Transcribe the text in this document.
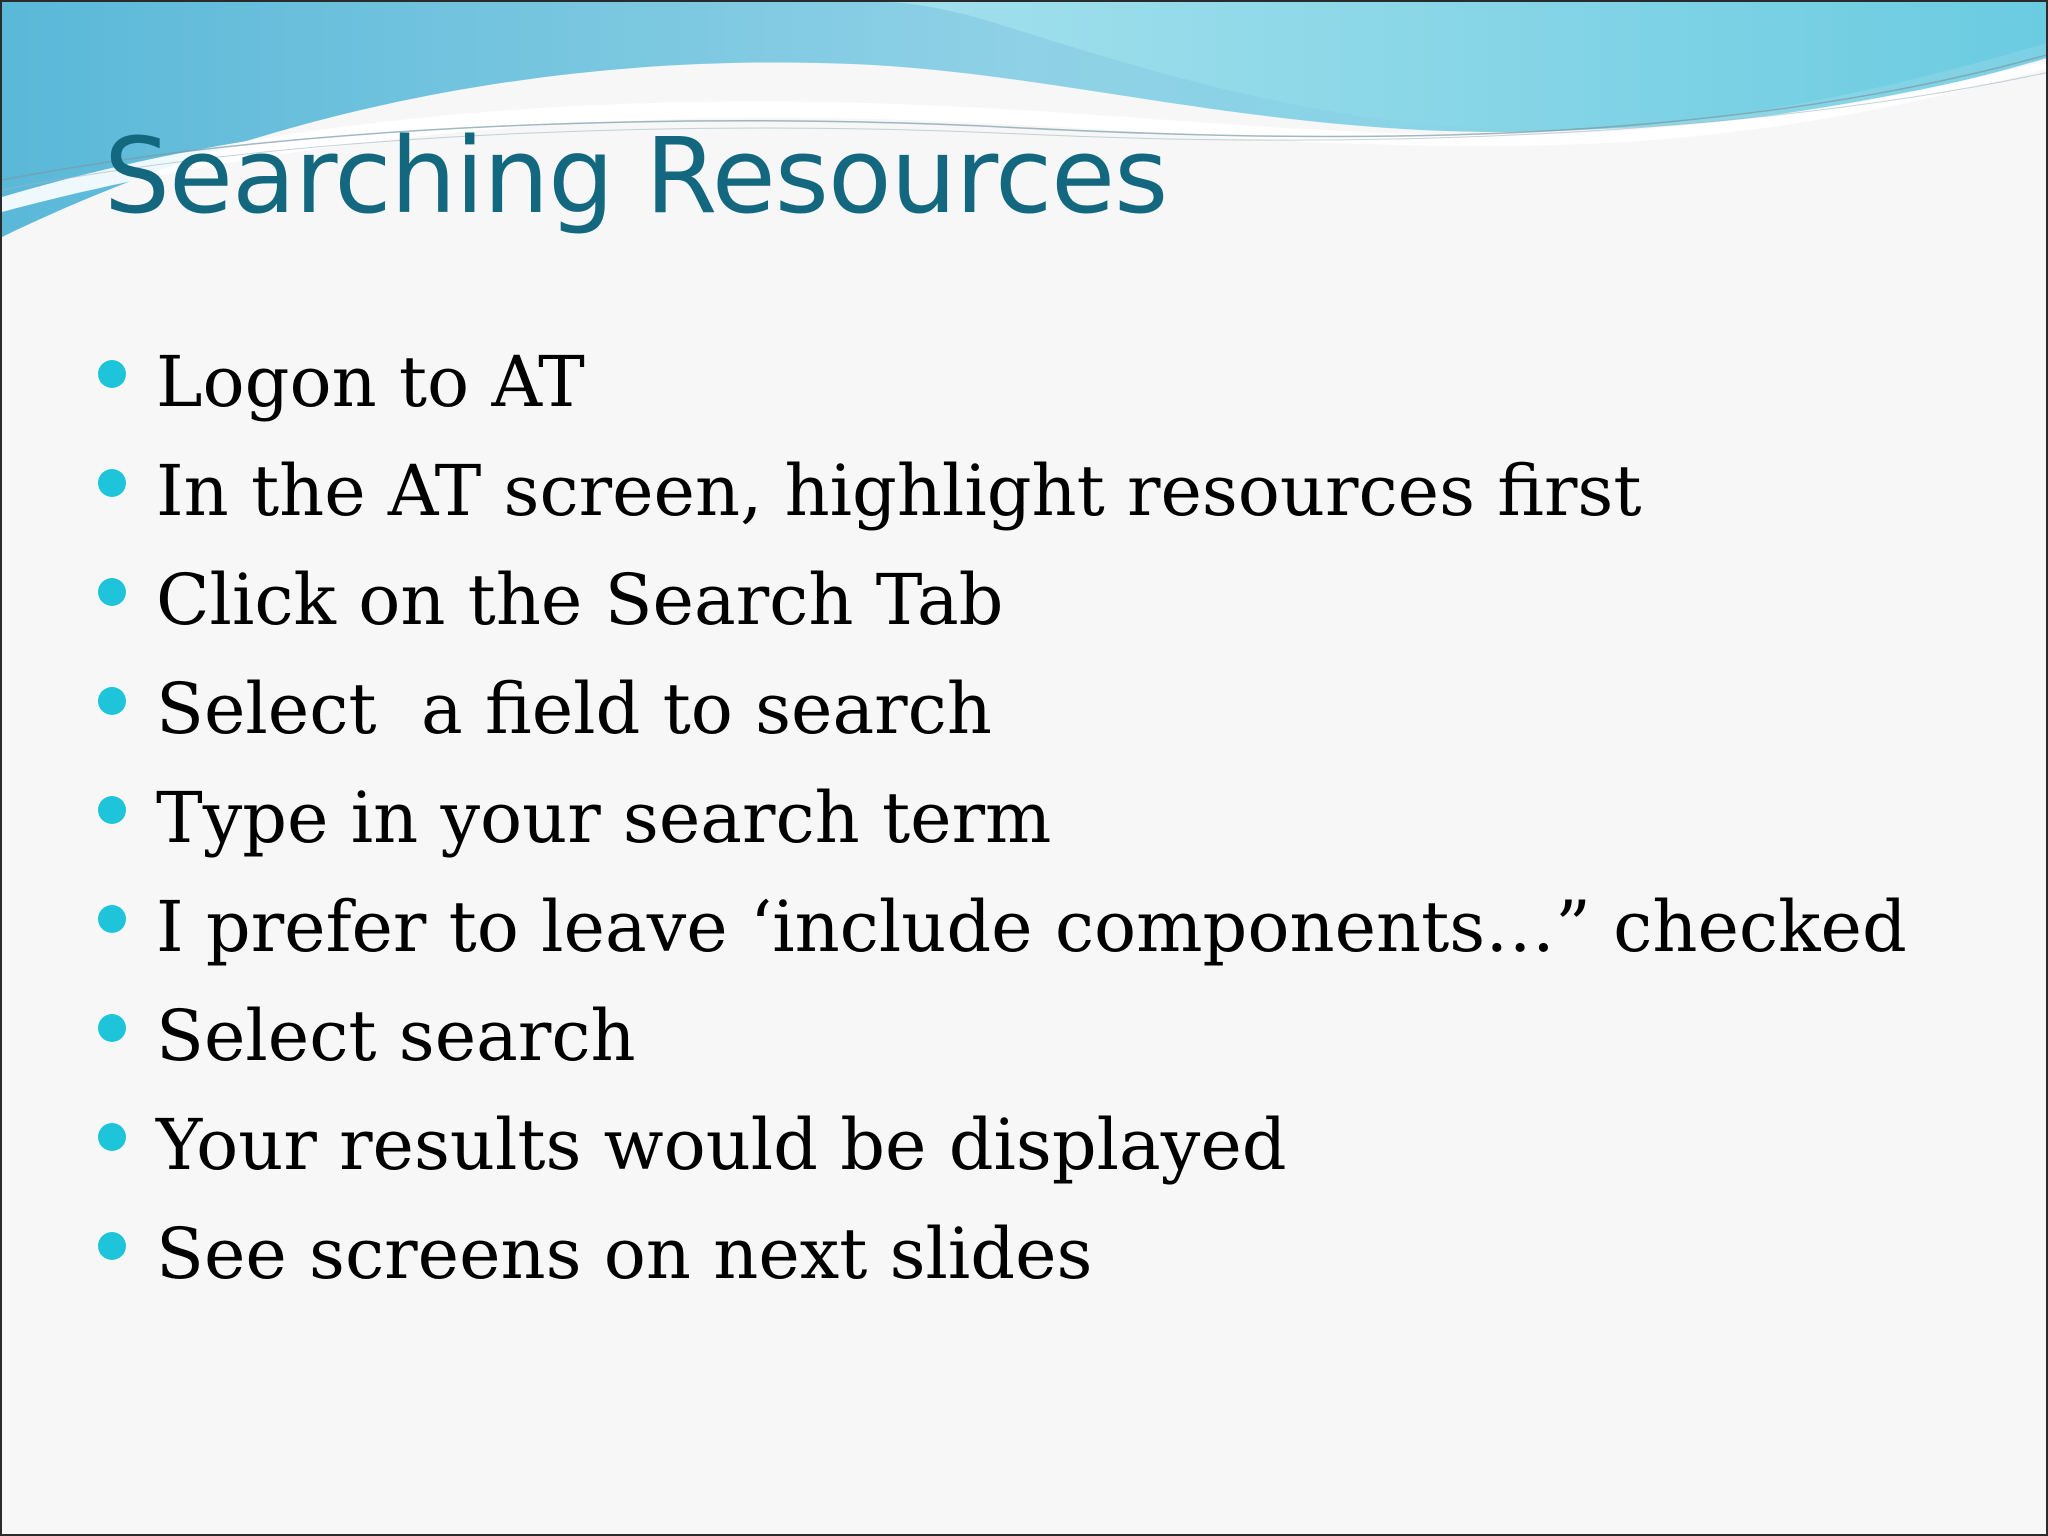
Searching Resources
Logon to AT
In the AT screen, highlight resources first
Click on the Search Tab
Select  a field to search
Type in your search term
I prefer to leave ‘include components…” checked
Select search
Your results would be displayed
See screens on next slides
